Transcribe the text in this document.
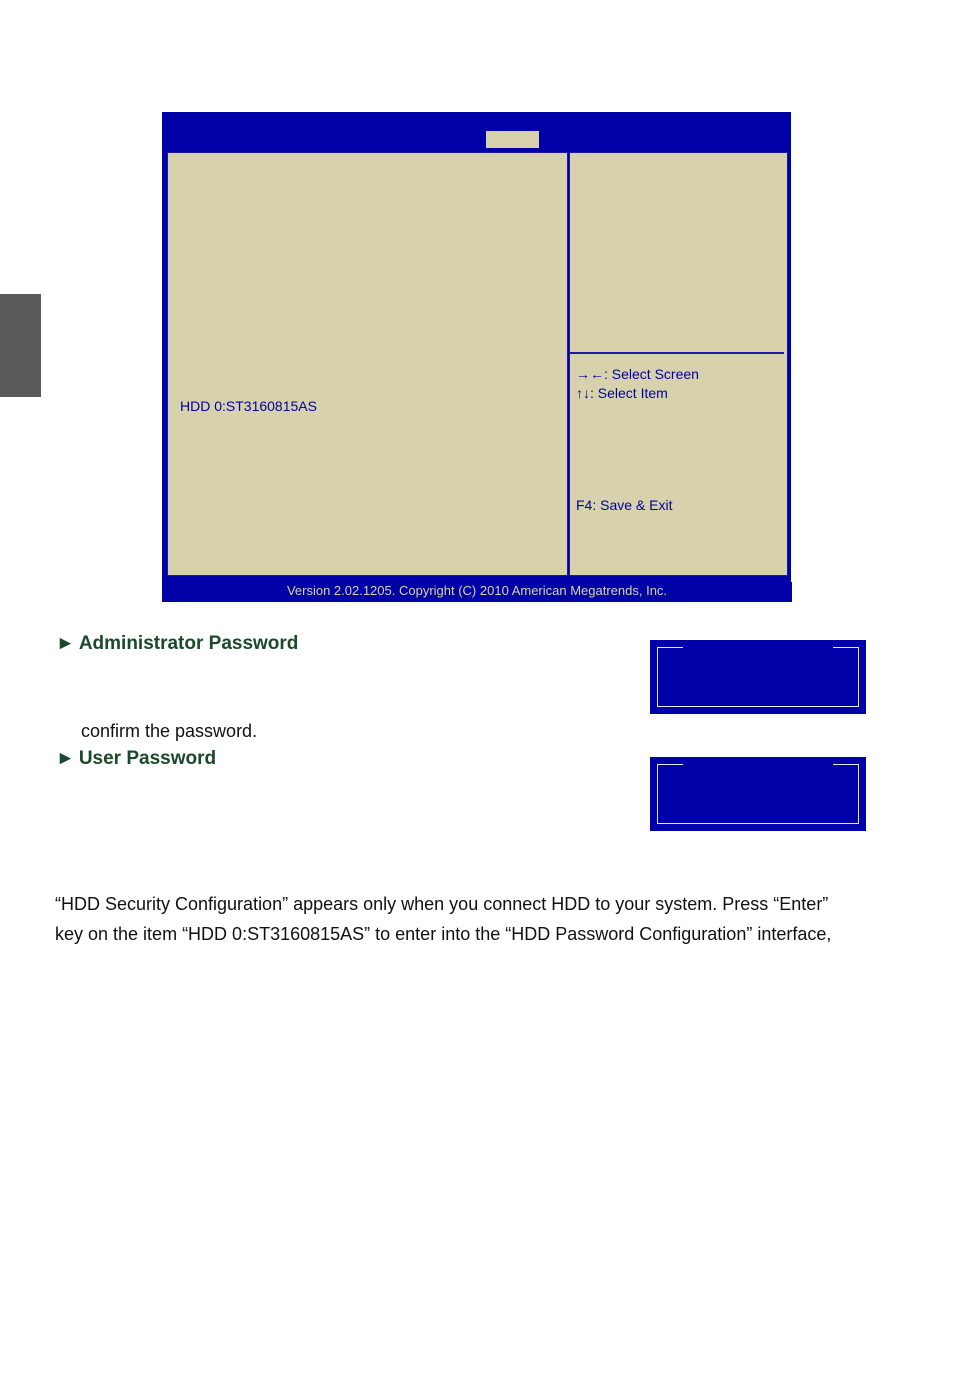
HDD 0:ST3160815AS
→←: Select Screen
↑↓: Select Item
F4: Save & Exit
Version 2.02.1205. Copyright (C) 2010 American Megatrends, Inc.
► Administrator Password
confirm the password.
► User Password
“HDD Security Configuration” appears only when you connect HDD to your system. Press “Enter”
key on the item “HDD 0:ST3160815AS” to enter into the “HDD Password Configuration” interface,
